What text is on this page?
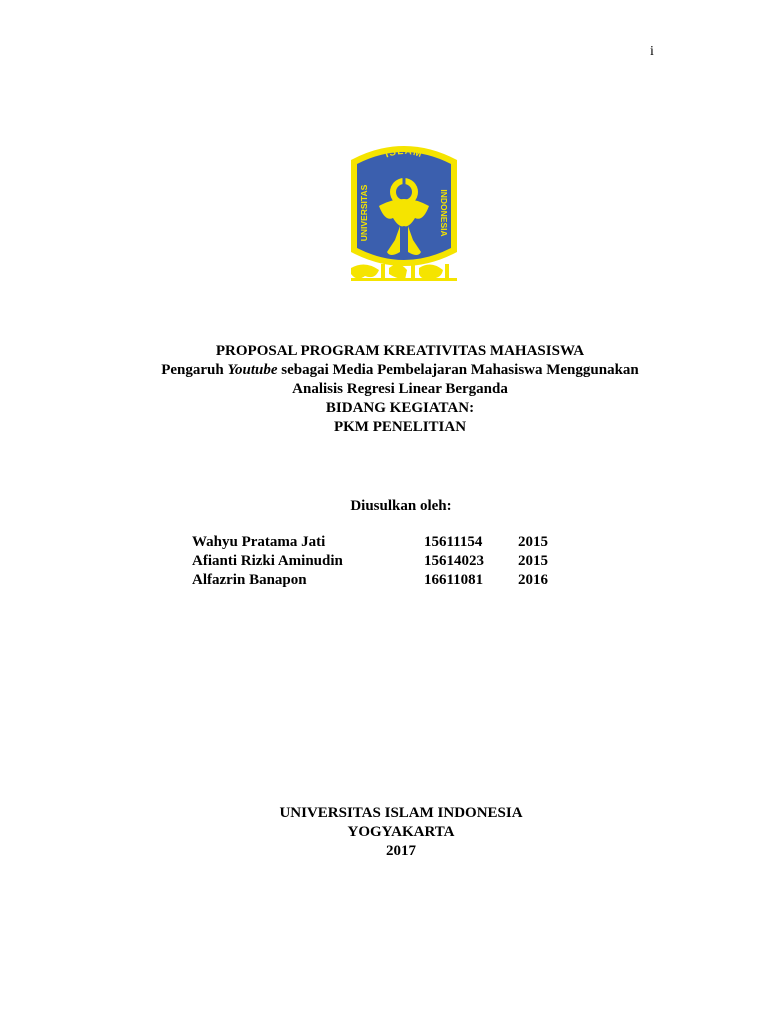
i
ISLAM
UNIVERSITAS
INDONESIA
PROPOSAL PROGRAM KREATIVITAS MAHASISWA
Pengaruh Youtube sebagai Media Pembelajaran Mahasiswa Menggunakan
Analisis Regresi Linear Berganda
BIDANG KEGIATAN:
PKM PENELITIAN
Diusulkan oleh:
Wahyu Pratama Jati	15611154	2015
Afianti Rizki Aminudin	15614023	2015
Alfazrin Banapon	16611081	2016
UNIVERSITAS ISLAM INDONESIA
YOGYAKARTA
2017
